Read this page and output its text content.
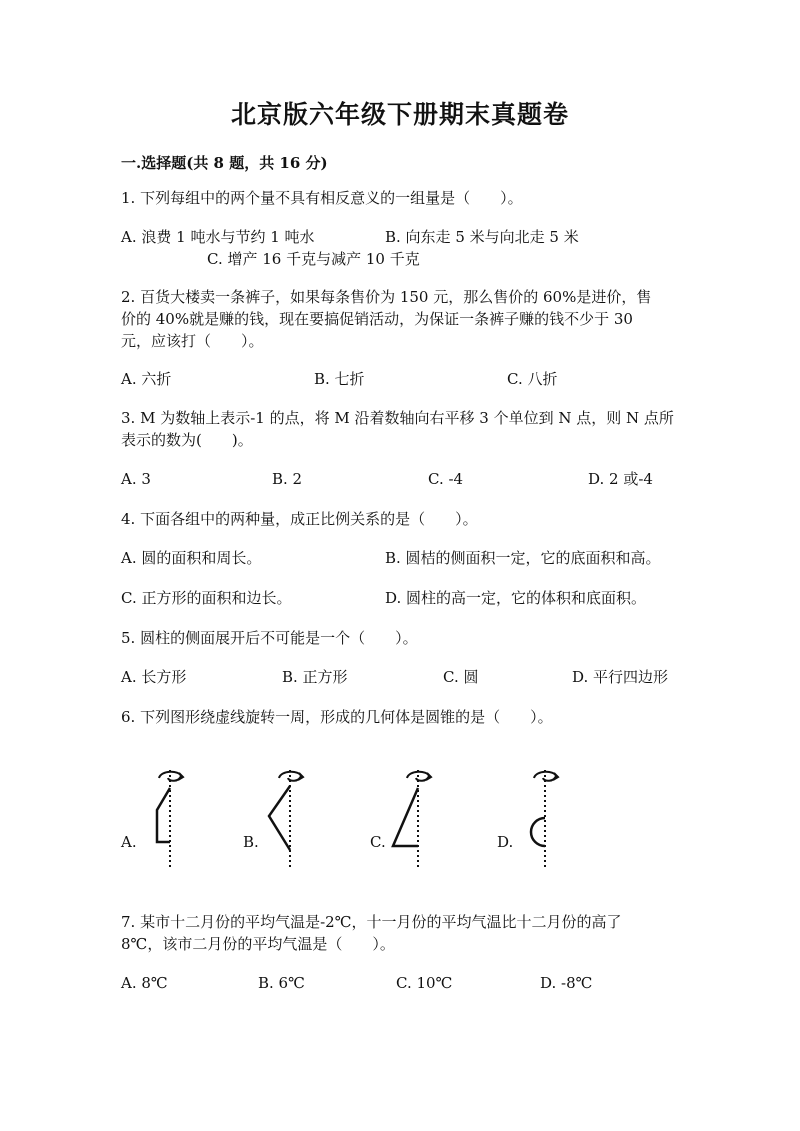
北京版六年级下册期末真题卷
一.选择题(共 8 题，共 16 分)
1. 下列每组中的两个量不具有相反意义的一组量是（　　）。
A. 浪费 1 吨水与节约 1 吨水	B. 向东走 5 米与向北走 5 米
C. 增产 16 千克与减产 10 千克
2. 百货大楼卖一条裤子，如果每条售价为 150 元，那么售价的 60%是进价，售
价的 40%就是赚的钱，现在要搞促销活动，为保证一条裤子赚的钱不少于 30
元，应该打（　　）。
A. 六折	B. 七折	C. 八折
3. M 为数轴上表示-1 的点，将 M 沿着数轴向右平移 3 个单位到 N 点，则 N 点所
表示的数为(　　)。
A. 3	B. 2	C. -4	D. 2 或-4
4. 下面各组中的两种量，成正比例关系的是（　　）。
A. 圆的面积和周长。	B. 圆桔的侧面积一定，它的底面积和高。
C. 正方形的面积和边长。	D. 圆柱的高一定，它的体积和底面积。
5. 圆柱的侧面展开后不可能是一个（　　）。
A. 长方形	B. 正方形	C. 圆	D. 平行四边形
6. 下列图形绕虚线旋转一周，形成的几何体是圆锥的是（　　）。
A.	B.	C.	D.
7. 某市十二月份的平均气温是-2℃，十一月份的平均气温比十二月份的高了
8℃，该市二月份的平均气温是（　　）。
A. 8℃	B. 6℃	C. 10℃	D. -8℃
